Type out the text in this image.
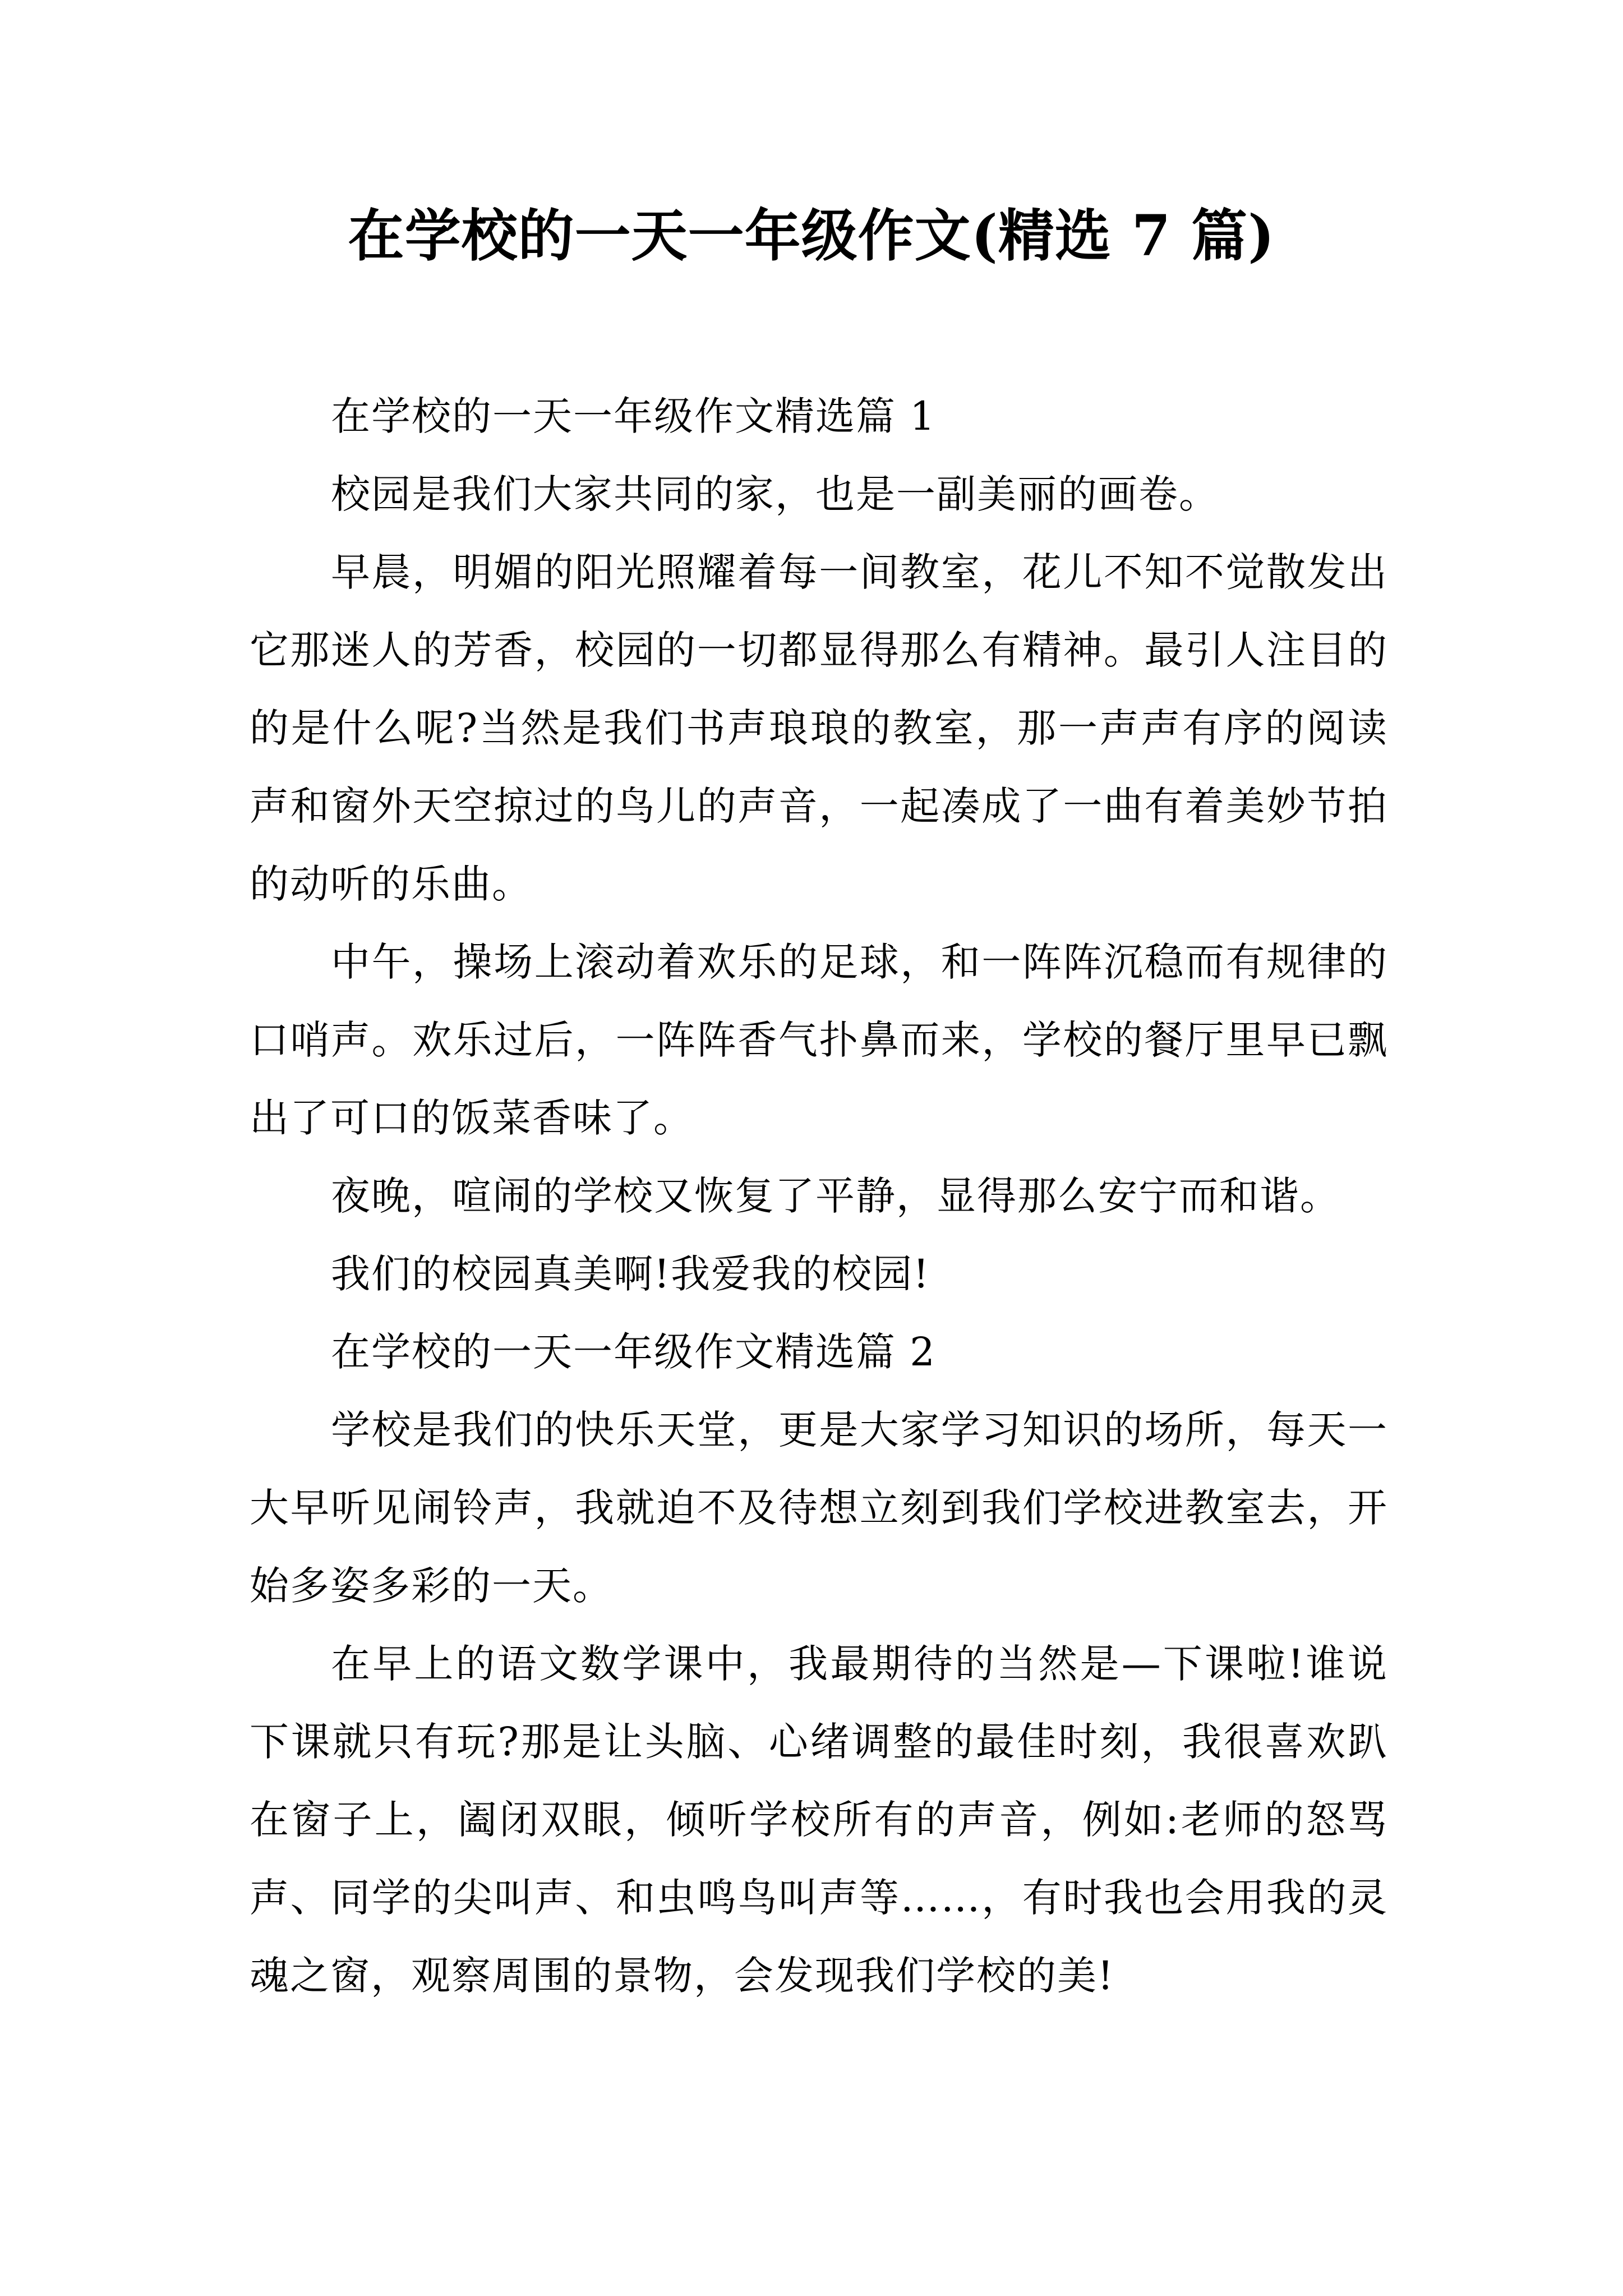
在学校的一天一年级作文(精选 7 篇)

在学校的一天一年级作文精选篇 1

校园是我们大家共同的家，也是一副美丽的画卷。

早晨，明媚的阳光照耀着每一间教室，花儿不知不觉散发出它那迷人的芳香，校园的一切都显得那么有精神。最引人注目的的是什么呢?当然是我们书声琅琅的教室，那一声声有序的阅读声和窗外天空掠过的鸟儿的声音，一起凑成了一曲有着美妙节拍的动听的乐曲。

中午，操场上滚动着欢乐的足球，和一阵阵沉稳而有规律的口哨声。欢乐过后，一阵阵香气扑鼻而来，学校的餐厅里早已飘出了可口的饭菜香味了。

夜晚，喧闹的学校又恢复了平静，显得那么安宁而和谐。

我们的校园真美啊!我爱我的校园!

在学校的一天一年级作文精选篇 2

学校是我们的快乐天堂，更是大家学习知识的场所，每天一大早听见闹铃声，我就迫不及待想立刻到我们学校进教室去，开始多姿多彩的一天。

在早上的语文数学课中，我最期待的当然是—下课啦!谁说下课就只有玩?那是让头脑、心绪调整的最佳时刻，我很喜欢趴在窗子上，阖闭双眼，倾听学校所有的声音，例如:老师的怒骂声、同学的尖叫声、和虫鸣鸟叫声等……，有时我也会用我的灵魂之窗，观察周围的景物，会发现我们学校的美!
